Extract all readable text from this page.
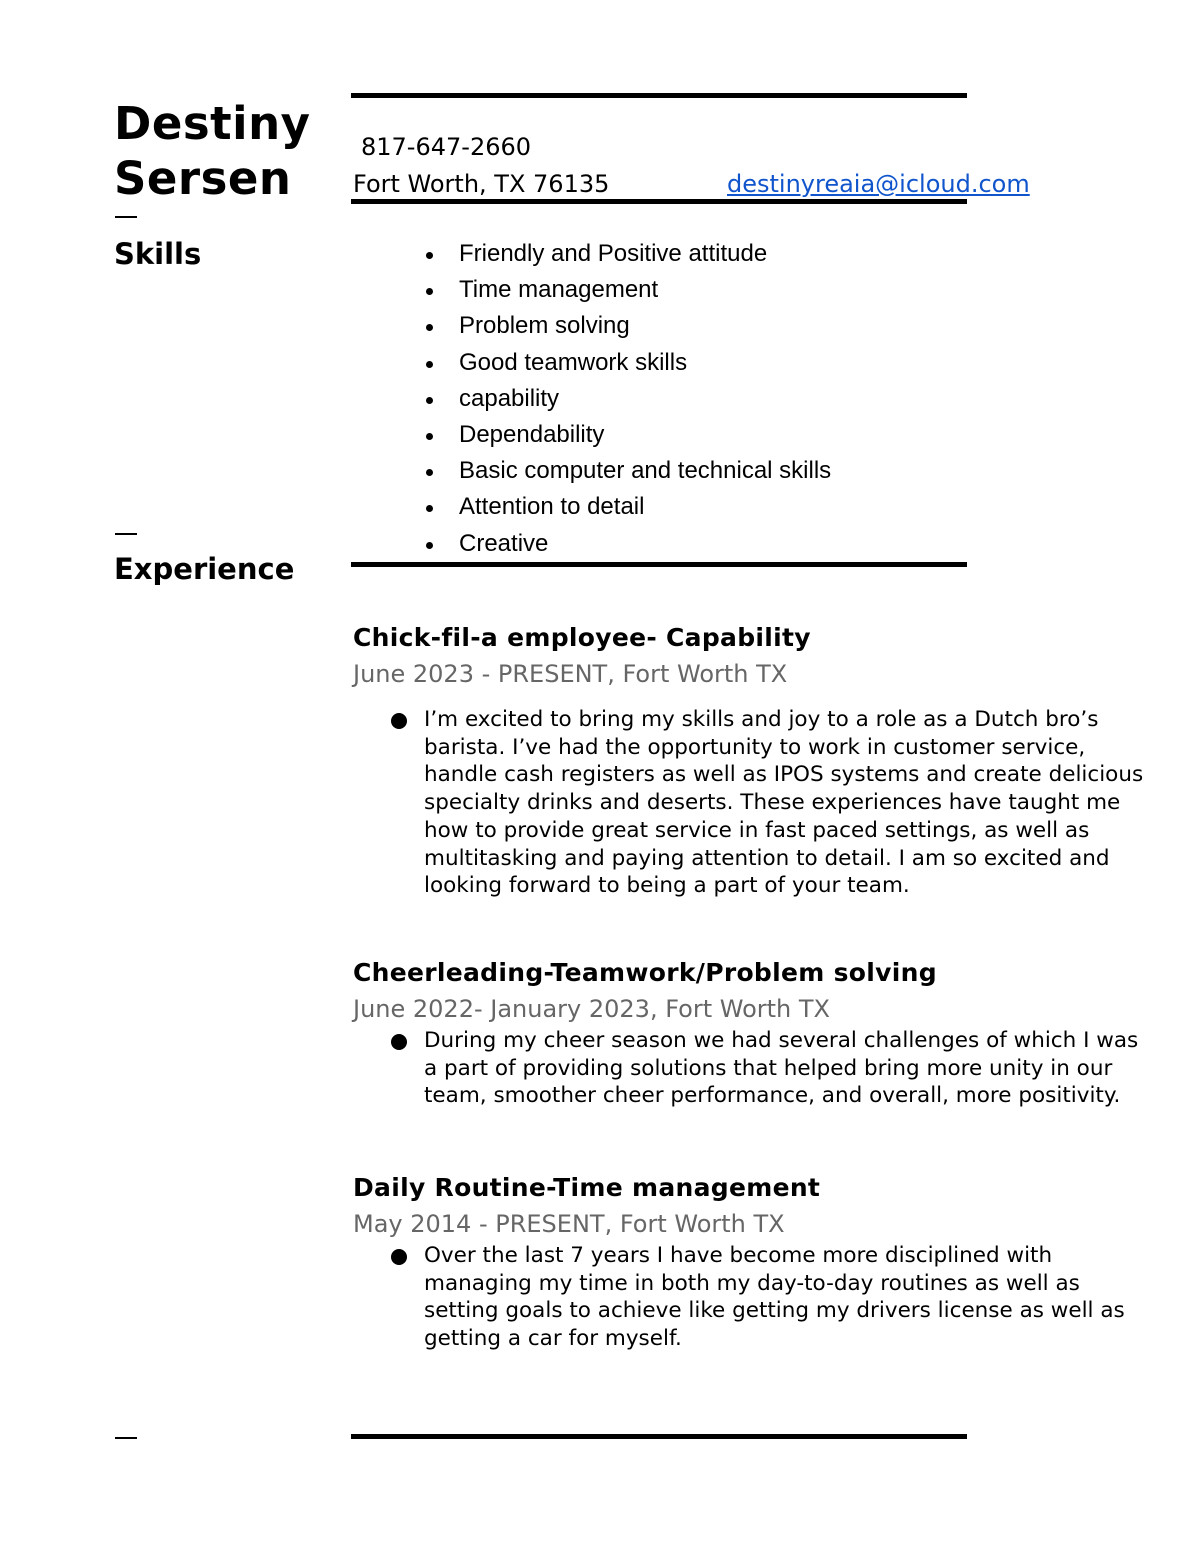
Destiny
Sersen
817-647-2660
Fort Worth, TX 76135	destinyreaia@icloud.com
Skills	Friendly and Positive attitude
Time management
Problem solving
Good teamwork skills
capability
Dependability
Basic computer and technical skills
Attention to detail
Creative
Experience
Chick-fil-a employee- Capability

June 2023 - PRESENT, Fort Worth TX

I’m excited to bring my skills and joy to a role as a Dutch bro’s barista. I’ve had the opportunity to work in customer service, handle cash registers as well as IPOS systems and create delicious specialty drinks and deserts. These experiences have taught me how to provide great service in fast paced settings, as well as multitasking and paying attention to detail. I am so excited and looking forward to being a part of your team.

Cheerleading-Teamwork/Problem solving

June 2022- January 2023, Fort Worth TX

During my cheer season we had several challenges of which I was a part of providing solutions that helped bring more unity in our team, smoother cheer performance, and overall, more positivity.

Daily Routine-Time management

May 2014 - PRESENT, Fort Worth TX

Over the last 7 years I have become more disciplined with managing my time in both my day-to-day routines as well as setting goals to achieve like getting my drivers license as well as getting a car for myself.
